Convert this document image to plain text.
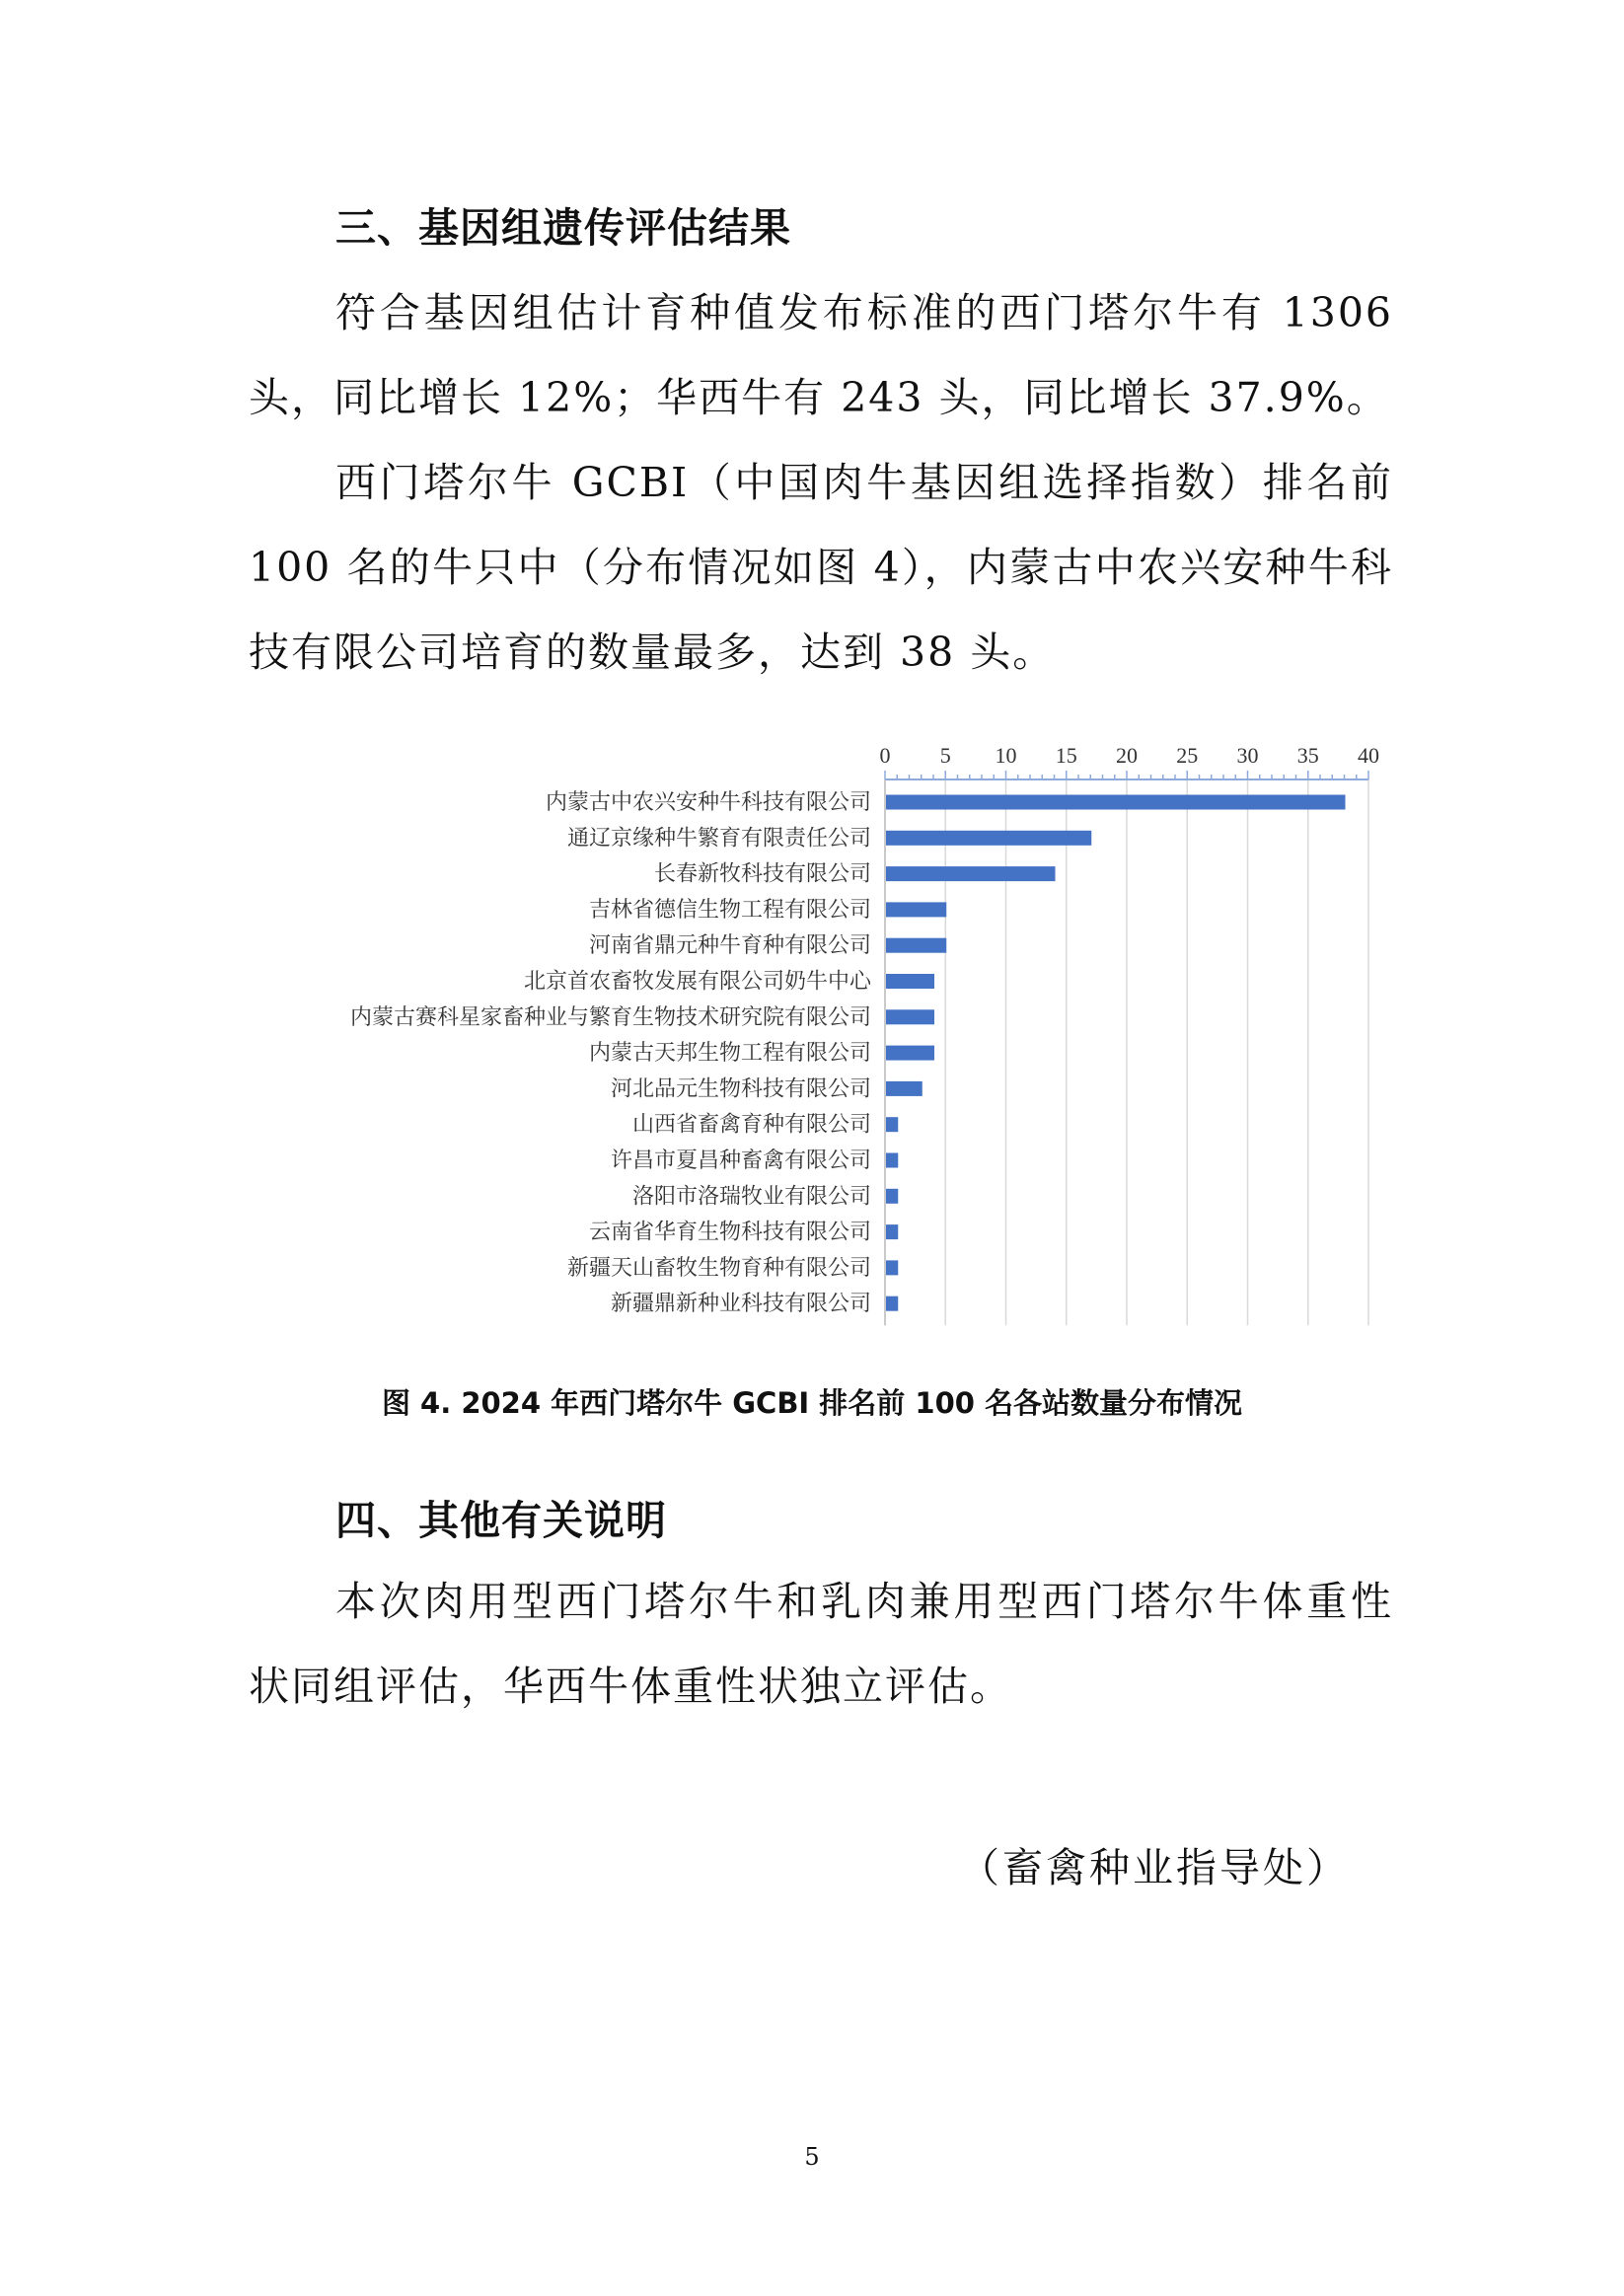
三、基因组遗传评估结果
符合基因组估计育种值发布标准的西门塔尔牛有 1306 头，同比增长 12%；华西牛有 243 头，同比增长 37.9%。
西门塔尔牛 GCBI（中国肉牛基因组选择指数）排名前 100 名的牛只中（分布情况如图 4），内蒙古中农兴安种牛科技有限公司培育的数量最多，达到 38 头。
0 5 10 15 20 25 30 35 40
内蒙古中农兴安种牛科技有限公司
通辽京缘种牛繁育有限责任公司
长春新牧科技有限公司
吉林省德信生物工程有限公司
河南省鼎元种牛育种有限公司
北京首农畜牧发展有限公司奶牛中心
内蒙古赛科星家畜种业与繁育生物技术研究院有限公司
内蒙古天邦生物工程有限公司
河北品元生物科技有限公司
山西省畜禽育种有限公司
许昌市夏昌种畜禽有限公司
洛阳市洛瑞牧业有限公司
云南省华育生物科技有限公司
新疆天山畜牧生物育种有限公司
新疆鼎新种业科技有限公司
图 4. 2024 年西门塔尔牛 GCBI 排名前 100 名各站数量分布情况
四、其他有关说明
本次肉用型西门塔尔牛和乳肉兼用型西门塔尔牛体重性状同组评估，华西牛体重性状独立评估。
（畜禽种业指导处）
5
